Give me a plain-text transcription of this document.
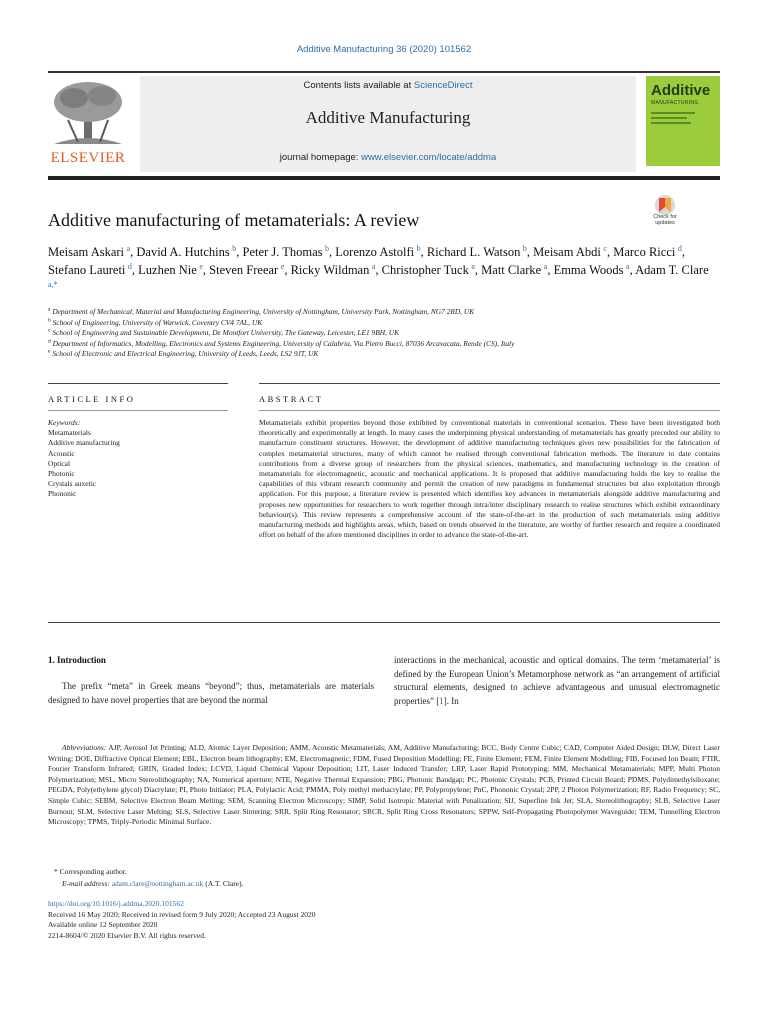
Additive Manufacturing 36 (2020) 101562
ELSEVIER
Contents lists available at ScienceDirect
Additive Manufacturing
journal homepage: www.elsevier.com/locate/addma
Additive
MANUFACTURING
Check for updates
Additive manufacturing of metamaterials: A review
Meisam Askari  $^a$, David A. Hutchins  $^b$, Peter J. Thomas  $^b$, Lorenzo Astolfi  $^b$, Richard L. Watson  $^b$, Meisam Abdi  $^c$, Marco Ricci  $^d$, Stefano Laureti  $^d$, Luzhen Nie  $^e$, Steven Freear  $^e$, Ricky Wildman  $^a$, Christopher Tuck  $^a$, Matt Clarke  $^a$, Emma Woods  $^a$, Adam T. Clare $^{a,*}$
$^a$ Department of Mechanical, Material and Manufacturing Engineering, University of Nottingham, University Park, Nottingham, NG7 2RD, UK
$^b$ School of Engineering, University of Warwick, Coventry CV4 7AL, UK
$^c$ School of Engineering and Sustainable Development, De Montfort University, The Gateway, Leicester, LE1 9BH, UK
$^d$ Department of Informatics, Modelling, Electronics and Systems Engineering, University of Calabria, Via Pietro Bucci, 87036 Arcavacata, Rende (CS), Italy
$^e$ School of Electronic and Electrical Engineering, University of Leeds, Leeds, LS2 9JT, UK
ARTICLE INFO	ABSTRACT
Keywords:
Metamaterials
Additive manufacturing
Acoustic
Optical
Photonic
Crystals auxetic
Phononic
Metamaterials exhibit properties beyond those exhibited by conventional materials in conventional scenarios. These have been investigated both theoretically and experimentally at length. In many cases the underpinning physical understanding of metamaterials has greatly preceded our ability to manufacture constituent structures. However, the development of additive manufacturing techniques gives new possibilities for the fabrication of complex metamaterial structures, many of which cannot be realised through conventional fabrication methods. The literature to date contains contributions from a diverse group of researchers from the physical sciences, mathematics, and manufacturing technology in the creation of metamaterials for electromagnetic, acoustic and mechanical applications. It is proposed that additive manufacturing holds the key to realise the capabilities of this vibrant research community and permit the creation of new paradigms in fundamental structures but also exploitation through application. For this purpose, a literature review is presented which identifies key advances in metamaterials alongside additive manufacturing and proposes new opportunities for researchers to work together through intra/inter disciplinary research to realise structures which exhibit extraordinary behaviour(s). This review represents a comprehensive account of the state-of-the-art in the production of such metamaterials using additive manufacturing methods and highlights areas, which, based on trends observed in the literature, are worthy of further research and require a coordinated effort on behalf of the afore mentioned disciplines in order to advance the state-of-the-art.
1. Introduction
The prefix “meta” in Greek means “beyond”; thus, metamaterials are materials designed to have novel properties that are beyond the normal
interactions in the mechanical, acoustic and optical domains. The term ‘metamaterial’ is defined by the European Union’s Metamorphose network as “an arrangement of artificial structural elements, designed to achieve advantageous and unusual electromagnetic properties” [1]. In
Abbreviations: AJP, Aerosol Jet Printing; ALD, Atomic Layer Deposition; AMM, Acoustic Metamaterials; AM, Additive Manufacturing; BCC, Body Centre Cubic; CAD, Computer Aided Design; DLW, Direct Laser Writing; DOE, Diffractive Optical Element; EBL, Electron beam lithography; EM, Electromagnetic; FDM, Fused Deposition Modelling; FE, Finite Element; FEM, Finite Element Modelling; FIB, Focused Ion Beam; FTIR, Fourier Transform Infrared; GRIN, Graded Index; LCVD, Liquid Chemical Vapour Deposition; LIT, Laser Induced Transfer; LRP, Laser Rapid Prototyping; MM, Mechanical Metamaterials; MPP, Multi Photon Polymerization; MSL, Micro Stereolithography; NA, Numerical aperture; NTE, Negative Thermal Expansion; PBG, Photonic Bandgap; PC, Photonic Crystals; PCB, Printed Circuit Board; PDMS, Polydimethylsiloxane; PEGDA, Poly(ethylene glycol) Diacrylate; PI, Photo Initiator; PLA, Polylactic Acid; PMMA, Poly methyl methacrylate; PP, Polypropylene; PnC, Phononic Crystal; 2PP, 2 Photon Polymerization; RF, Radio Frequency; SC, Simple Cubic; SEBM, Selective Electron Beam Melting; SEM, Scanning Electron Microscopy; SIMP, Solid Isotropic Material with Penalization; SIJ, Superfine Ink Jet; SLA, Stereolithography; SLB, Selective Laser Burnout; SLM, Selective Laser Melting; SLS, Selective Laser Sintering; SRR, Split Ring Resonator; SRCR, Split Ring Cross Resonators; SPPW, Self-Propagating Photopolymer Waveguide; TEM, Tunnelling Electron Microscopy; TPMS, Triply-Periodic Minimal Surface.
* Corresponding author.
E-mail address: adam.clare@nottingham.ac.uk (A.T. Clare).
https://doi.org/10.1016/j.addma.2020.101562
Received 16 May 2020; Received in revised form 9 July 2020; Accepted 23 August 2020
Available online 12 September 2020
2214-8604/© 2020 Elsevier B.V. All rights reserved.
